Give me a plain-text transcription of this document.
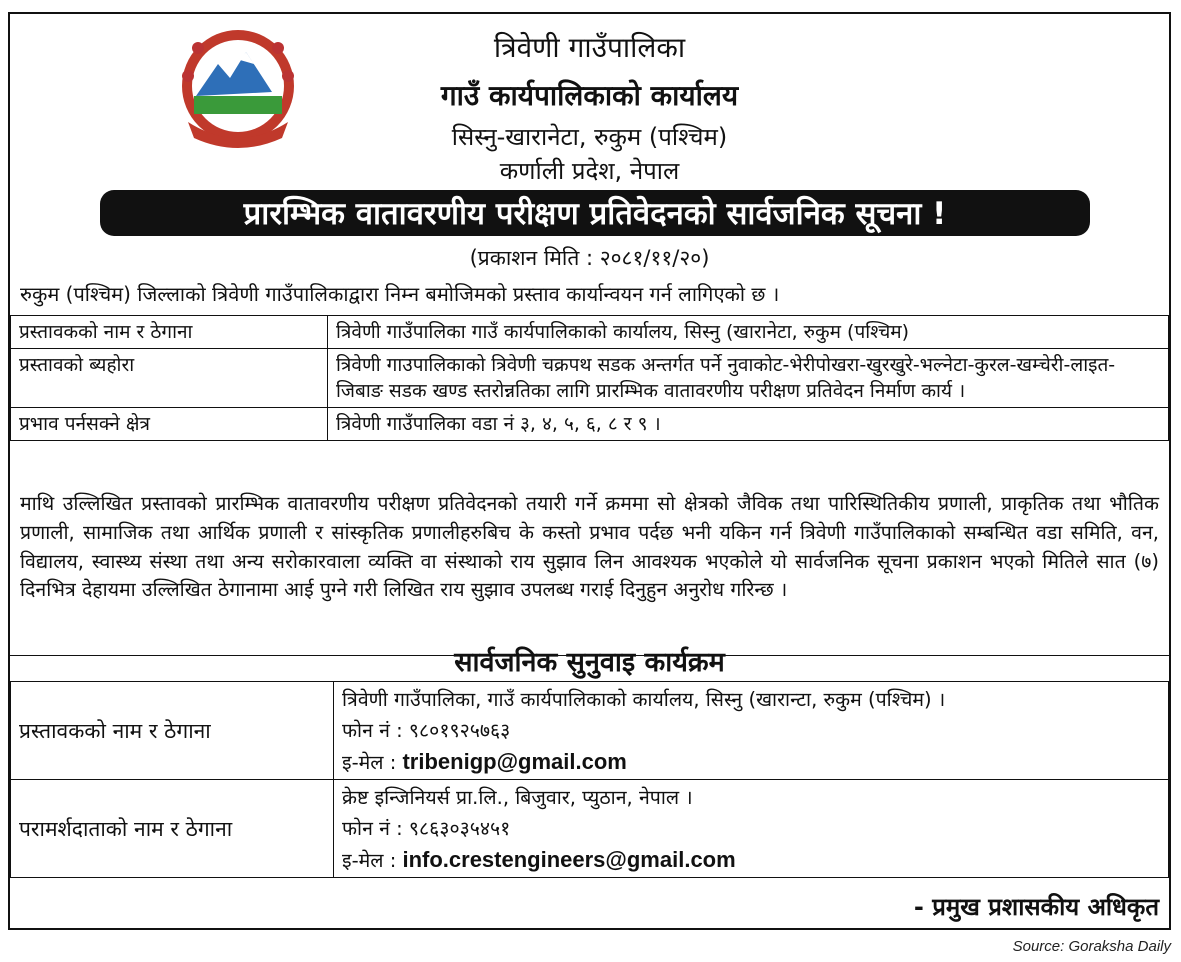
त्रिवेणी गाउँपालिका
गाउँ कार्यपालिकाको कार्यालय
सिस्नु-खारानेटा, रुकुम (पश्चिम)
कर्णाली प्रदेश, नेपाल
प्रारम्भिक वातावरणीय परीक्षण प्रतिवेदनको सार्वजनिक सूचना !
(प्रकाशन मिति : २०८१/११/२०)
रुकुम (पश्चिम) जिल्लाको त्रिवेणी गाउँपालिकाद्वारा निम्न बमोजिमको प्रस्ताव कार्यान्वयन गर्न लागिएको छ ।
प्रस्तावकको नाम र ठेगाना	त्रिवेणी गाउँपालिका गाउँ कार्यपालिकाको कार्यालय, सिस्नु (खारानेटा, रुकुम (पश्चिम)
प्रस्तावको ब्यहोरा	त्रिवेणी गाउपालिकाको त्रिवेणी चक्रपथ सडक अन्तर्गत पर्ने नुवाकोट-भेरीपोखरा-खुरखुरे-भल्नेटा-कुरल-खम्चेरी-लाइत-जिबाङ सडक खण्ड स्तरोन्नतिका लागि प्रारम्भिक वातावरणीय परीक्षण प्रतिवेदन निर्माण कार्य ।
प्रभाव पर्नसक्ने क्षेत्र	त्रिवेणी गाउँपालिका वडा नं ३, ४, ५, ६, ८ र ९ ।
माथि उल्लिखित प्रस्तावको प्रारम्भिक वातावरणीय परीक्षण प्रतिवेदनको तयारी गर्ने क्रममा सो क्षेत्रको जैविक तथा पारिस्थितिकीय प्रणाली, प्राकृतिक तथा भौतिक प्रणाली, सामाजिक तथा आर्थिक प्रणाली र सांस्कृतिक प्रणालीहरुबिच के कस्तो प्रभाव पर्दछ भनी यकिन गर्न त्रिवेणी गाउँपालिकाको सम्बन्धित वडा समिति, वन, विद्यालय, स्वास्थ्य संस्था तथा अन्य सरोकारवाला व्यक्ति वा संस्थाको राय सुझाव लिन आवश्यक भएकोले यो सार्वजनिक सूचना प्रकाशन भएको मितिले सात (७) दिनभित्र देहायमा उल्लिखित ठेगानामा आई पुग्ने गरी लिखित राय सुझाव उपलब्ध गराई दिनुहुन अनुरोध गरिन्छ ।
सार्वजनिक सुनुवाइ कार्यक्रम
प्रस्तावकको नाम र ठेगाना	त्रिवेणी गाउँपालिका, गाउँ कार्यपालिकाको कार्यालय, सिस्नु (खारान्टा, रुकुम (पश्चिम) ।
फोन नं : ९८०१९२५७६३
इ-मेल : tribenigp@gmail.com

परामर्शदाताको नाम र ठेगाना	क्रेष्ट इन्जिनियर्स प्रा.लि., बिजुवार, प्युठान, नेपाल ।
फोन नं : ९८६३०३५४५१
इ-मेल : info.crestengineers@gmail.com
- प्रमुख प्रशासकीय अधिकृत
Source: Goraksha Daily
